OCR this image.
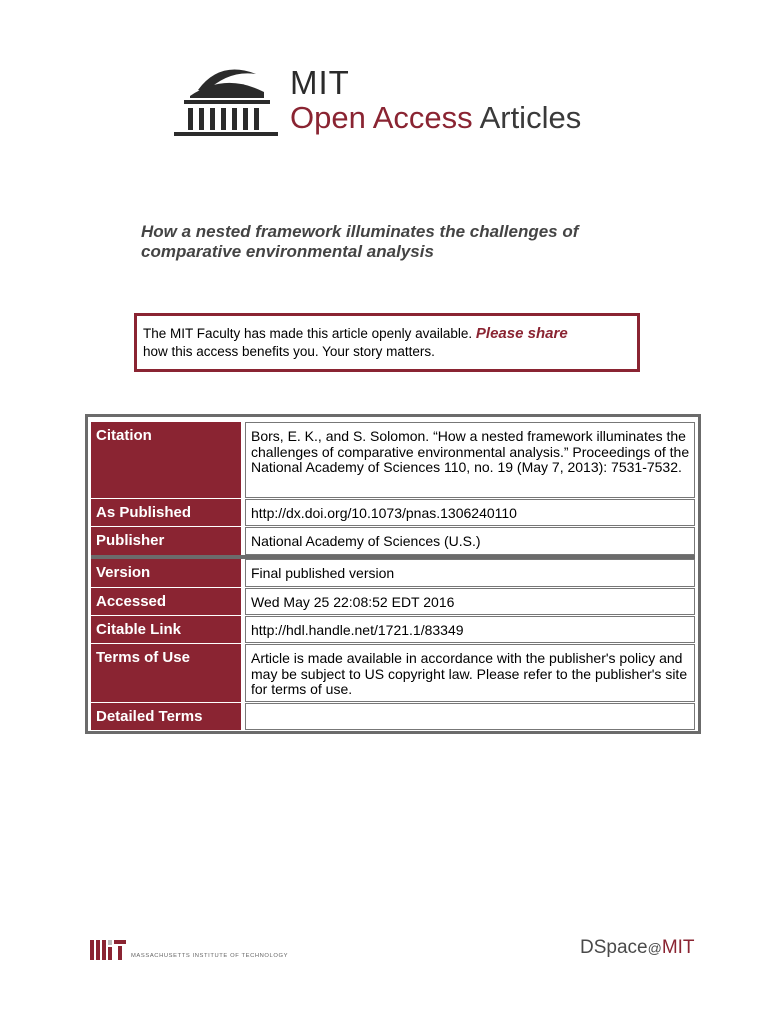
MIT
Open Access Articles
How a nested framework illuminates the challenges of comparative environmental analysis
The MIT Faculty has made this article openly available. Please share
how this access benefits you. Your story matters.
Citation	Bors, E. K., and S. Solomon. “How a nested framework illuminates the challenges of comparative environmental analysis.” Proceedings of the National Academy of Sciences 110, no. 19 (May 7, 2013): 7531-7532.
As Published	http://dx.doi.org/10.1073/pnas.1306240110
Publisher	National Academy of Sciences (U.S.)
Version	Final published version
Accessed	Wed May 25 22:08:52 EDT 2016
Citable Link	http://hdl.handle.net/1721.1/83349
Terms of Use	Article is made available in accordance with the publisher's policy and may be subject to US copyright law. Please refer to the publisher's site for terms of use.
Detailed Terms
MASSACHUSETTS INSTITUTE OF TECHNOLOGY	DSpace@MIT
